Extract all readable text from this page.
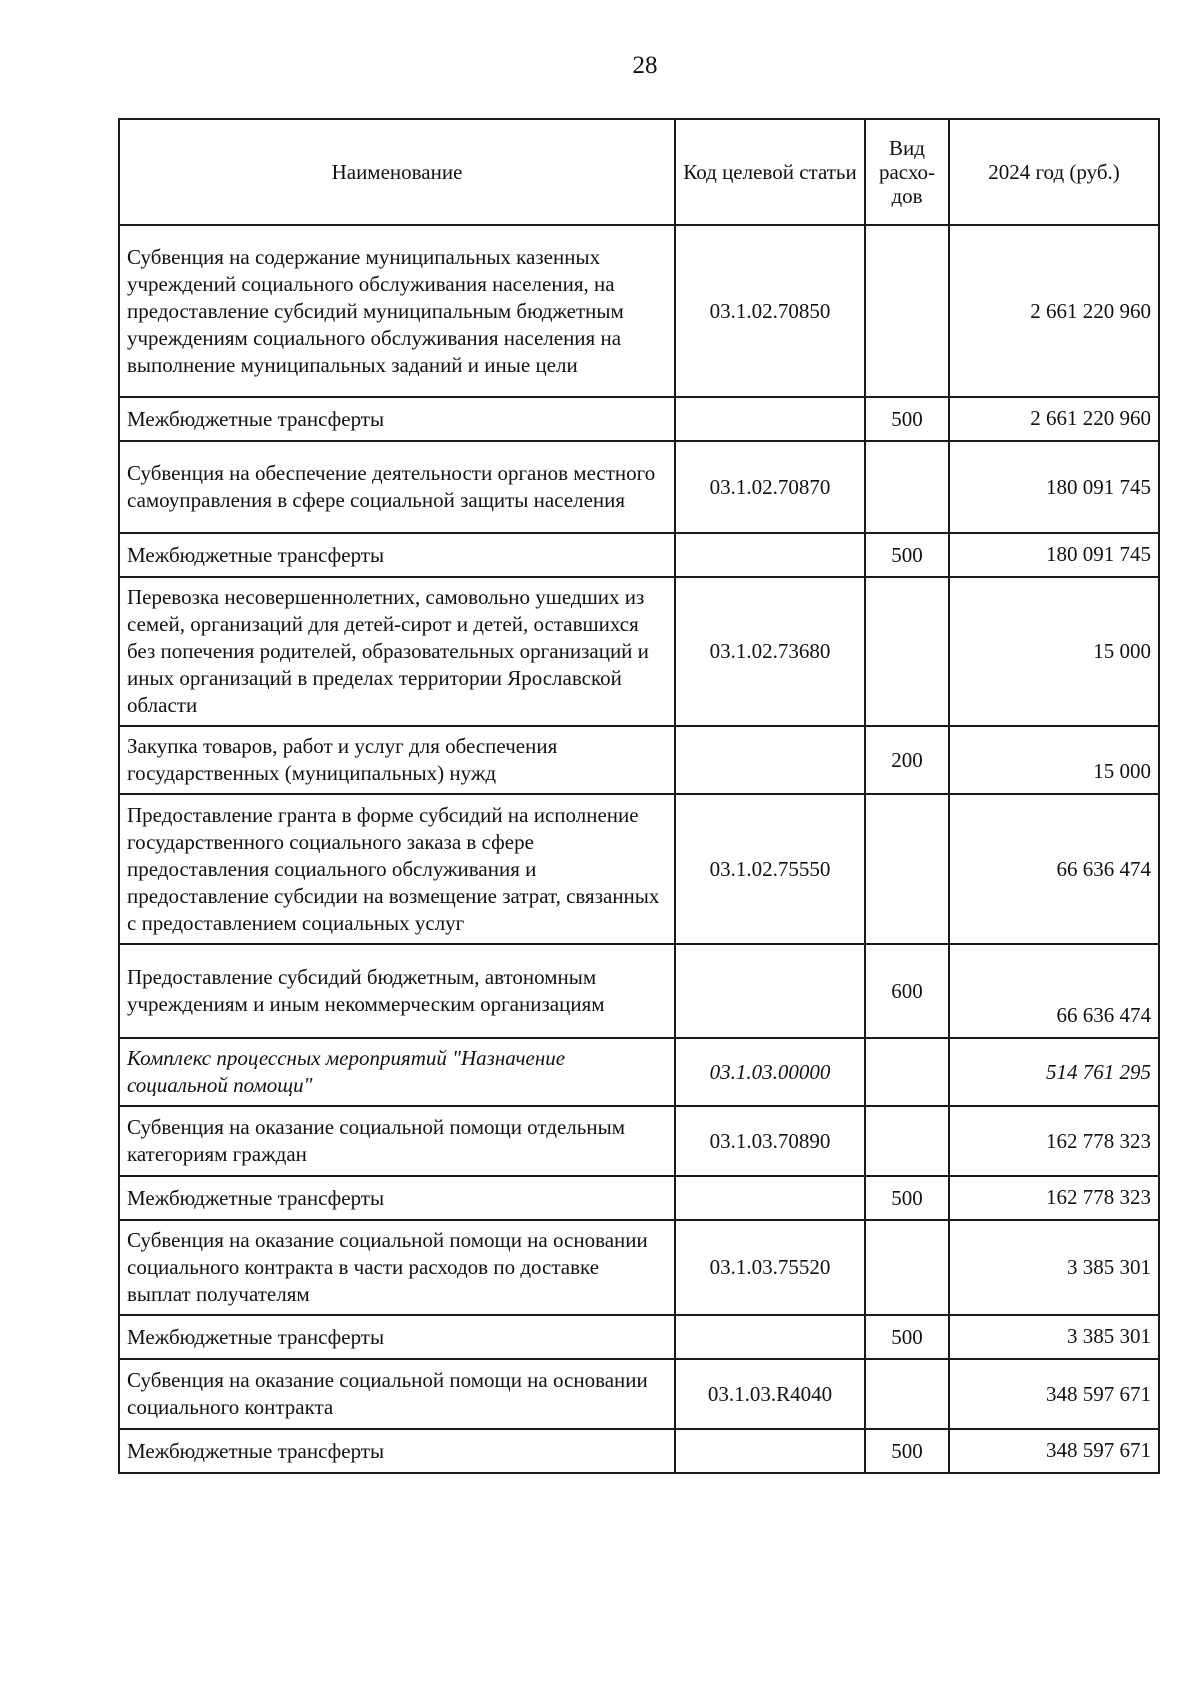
28
Наименование	Код целевой статьи	Вид расхо-дов	2024 год (руб.)
Субвенция на содержание муниципальных казенных учреждений социального обслуживания населения, на предоставление субсидий муниципальным бюджетным учреждениям социального обслуживания населения на выполнение муниципальных заданий и иные цели	03.1.02.70850		2 661 220 960
Межбюджетные трансферты		500	2 661 220 960
Субвенция на обеспечение деятельности органов местного самоуправления в сфере социальной защиты населения	03.1.02.70870		180 091 745
Межбюджетные трансферты		500	180 091 745
Перевозка несовершеннолетних, самовольно ушедших из семей, организаций для детей-сирот и детей, оставшихся без попечения родителей, образовательных организаций и иных организаций в пределах территории Ярославской области	03.1.02.73680		15 000
Закупка товаров, работ и услуг для обеспечения государственных (муниципальных) нужд		200	15 000
Предоставление гранта в форме субсидий на исполнение государственного социального заказа в сфере предоставления социального обслуживания и предоставление субсидии на возмещение затрат, связанных с предоставлением социальных услуг	03.1.02.75550		66 636 474
Предоставление субсидий бюджетным, автономным учреждениям и иным некоммерческим организациям		600	66 636 474
Комплекс процессных мероприятий "Назначение социальной помощи"	03.1.03.00000		514 761 295
Субвенция на оказание социальной помощи отдельным категориям граждан	03.1.03.70890		162 778 323
Межбюджетные трансферты		500	162 778 323
Субвенция на оказание социальной помощи на основании социального контракта в части расходов по доставке выплат получателям	03.1.03.75520		3 385 301
Межбюджетные трансферты		500	3 385 301
Субвенция на оказание социальной помощи на основании социального контракта	03.1.03.R4040		348 597 671
Межбюджетные трансферты		500	348 597 671
